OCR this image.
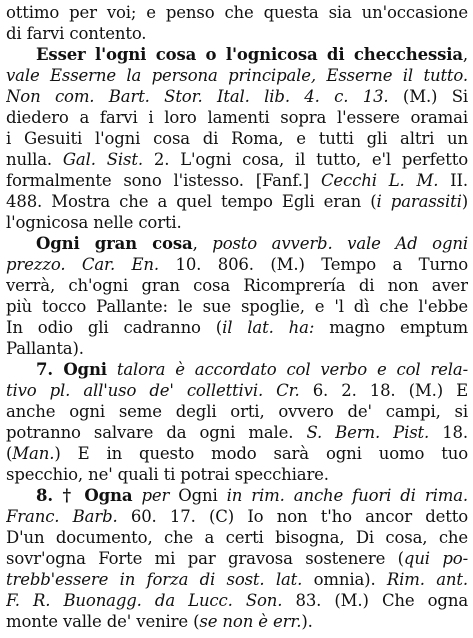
ottimo per voi; e penso che questa sia un'occasione
di farvi contento.
Esser l'ogni cosa o l'ognicosa di checchessia,
vale Esserne la persona principale, Esserne il tutto.
Non com. Bart. Stor. Ital. lib. 4. c. 13. (M.) Si
diedero a farvi i loro lamenti sopra l'essere oramai
i Gesuiti l'ogni cosa di Roma, e tutti gli altri un
nulla. Gal. Sist. 2. L'ogni cosa, il tutto, e'l perfetto
formalmente sono l'istesso. [Fanf.] Cecchi L. M. II.
488. Mostra che a quel tempo Egli eran (i parassiti)
l'ognicosa nelle corti.
Ogni gran cosa, posto avverb. vale Ad ogni
prezzo. Car. En. 10. 806. (M.) Tempo a Turno
verrà, ch'ogni gran cosa Ricomprería di non aver
più tocco Pallante: le sue spoglie, e 'l dì che l'ebbe
In odio gli cadranno (il lat. ha: magno emptum
Pallanta).
7. Ogni talora è accordato col verbo e col rela-
tivo pl. all'uso de' collettivi. Cr. 6. 2. 18. (M.) E
anche ogni seme degli orti, ovvero de' campi, si
potranno salvare da ogni male. S. Bern. Pist. 18.
(Man.) E in questo modo sarà ogni uomo tuo
specchio, ne' quali ti potrai specchiare.
8. † Ogna per Ogni in rim. anche fuori di rima.
Franc. Barb. 60. 17. (C) Io non t'ho ancor detto
D'un documento, che a certi bisogna, Di cosa, che
sovr'ogna Forte mi par gravosa sostenere (qui po-
trebb'essere in forza di sost. lat. omnia). Rim. ant.
F. R. Buonagg. da Lucc. Son. 83. (M.) Che ogna
monte valle de' venire (se non è err.).
